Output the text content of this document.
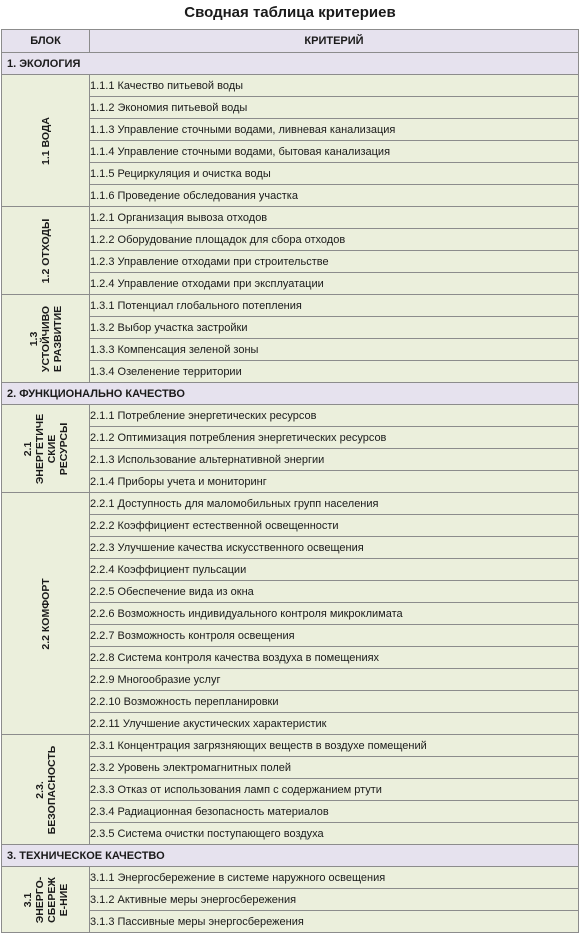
Сводная таблица критериев
БЛОК	КРИТЕРИЙ
1. ЭКОЛОГИЯ	

1.1 ВОДА	1.1.1 Качество питьевой воды
	1.1.2 Экономия питьевой воды
	1.1.3 Управление сточными водами, ливневая канализация
	1.1.4 Управление сточными водами, бытовая канализация
	1.1.5 Рециркуляция и очистка воды
	1.1.6 Проведение обследования участка

1.2 ОТХОДЫ	1.2.1 Организация вывоза отходов
	1.2.2 Оборудование площадок для сбора отходов
	1.2.3 Управление отходами при строительстве
	1.2.4 Управление отходами при эксплуатации

1.3
УСТОЙЧИВО
Е РАЗВИТИЕ	1.3.1 Потенциал глобального потепления
	1.3.2 Выбор участка застройки
	1.3.3 Компенсация зеленой зоны
	1.3.4 Озеленение территории
2. ФУНКЦИОНАЛЬНО КАЧЕСТВО	

2.1
ЭНЕРГЕТИЧЕ
СКИЕ
РЕСУРСЫ	2.1.1 Потребление энергетических ресурсов
	2.1.2 Оптимизация потребления энергетических ресурсов
	2.1.3 Использование альтернативной энергии
	2.1.4 Приборы учета и мониторинг

2.2 КОМФОРТ	2.2.1 Доступность для маломобильных групп населения
	2.2.2 Коэффициент естественной освещенности
	2.2.3 Улучшение качества искусственного освещения
	2.2.4 Коэффициент пульсации
	2.2.5 Обеспечение вида из окна
	2.2.6 Возможность индивидуального контроля микроклимата
	2.2.7 Возможность контроля освещения
	2.2.8 Система контроля качества воздуха в помещениях
	2.2.9 Многообразие услуг
	2.2.10 Возможность перепланировки
	2.2.11 Улучшение акустических характеристик

2.3.
БЕЗОПАСНОСТЬ	2.3.1 Концентрация загрязняющих веществ в воздухе помещений
	2.3.2 Уровень электромагнитных полей
	2.3.3 Отказ от использования ламп с содержанием ртути
	2.3.4 Радиационная безопасность материалов
	2.3.5 Система очистки поступающего воздуха
3. ТЕХНИЧЕСКОЕ КАЧЕСТВО	

3.1
ЭНЕРГО-
СБЕРЕЖ
Е-НИЕ	3.1.1 Энергосбережение в системе наружного освещения
	3.1.2 Активные меры энергосбережения
	3.1.3 Пассивные меры энергосбережения
